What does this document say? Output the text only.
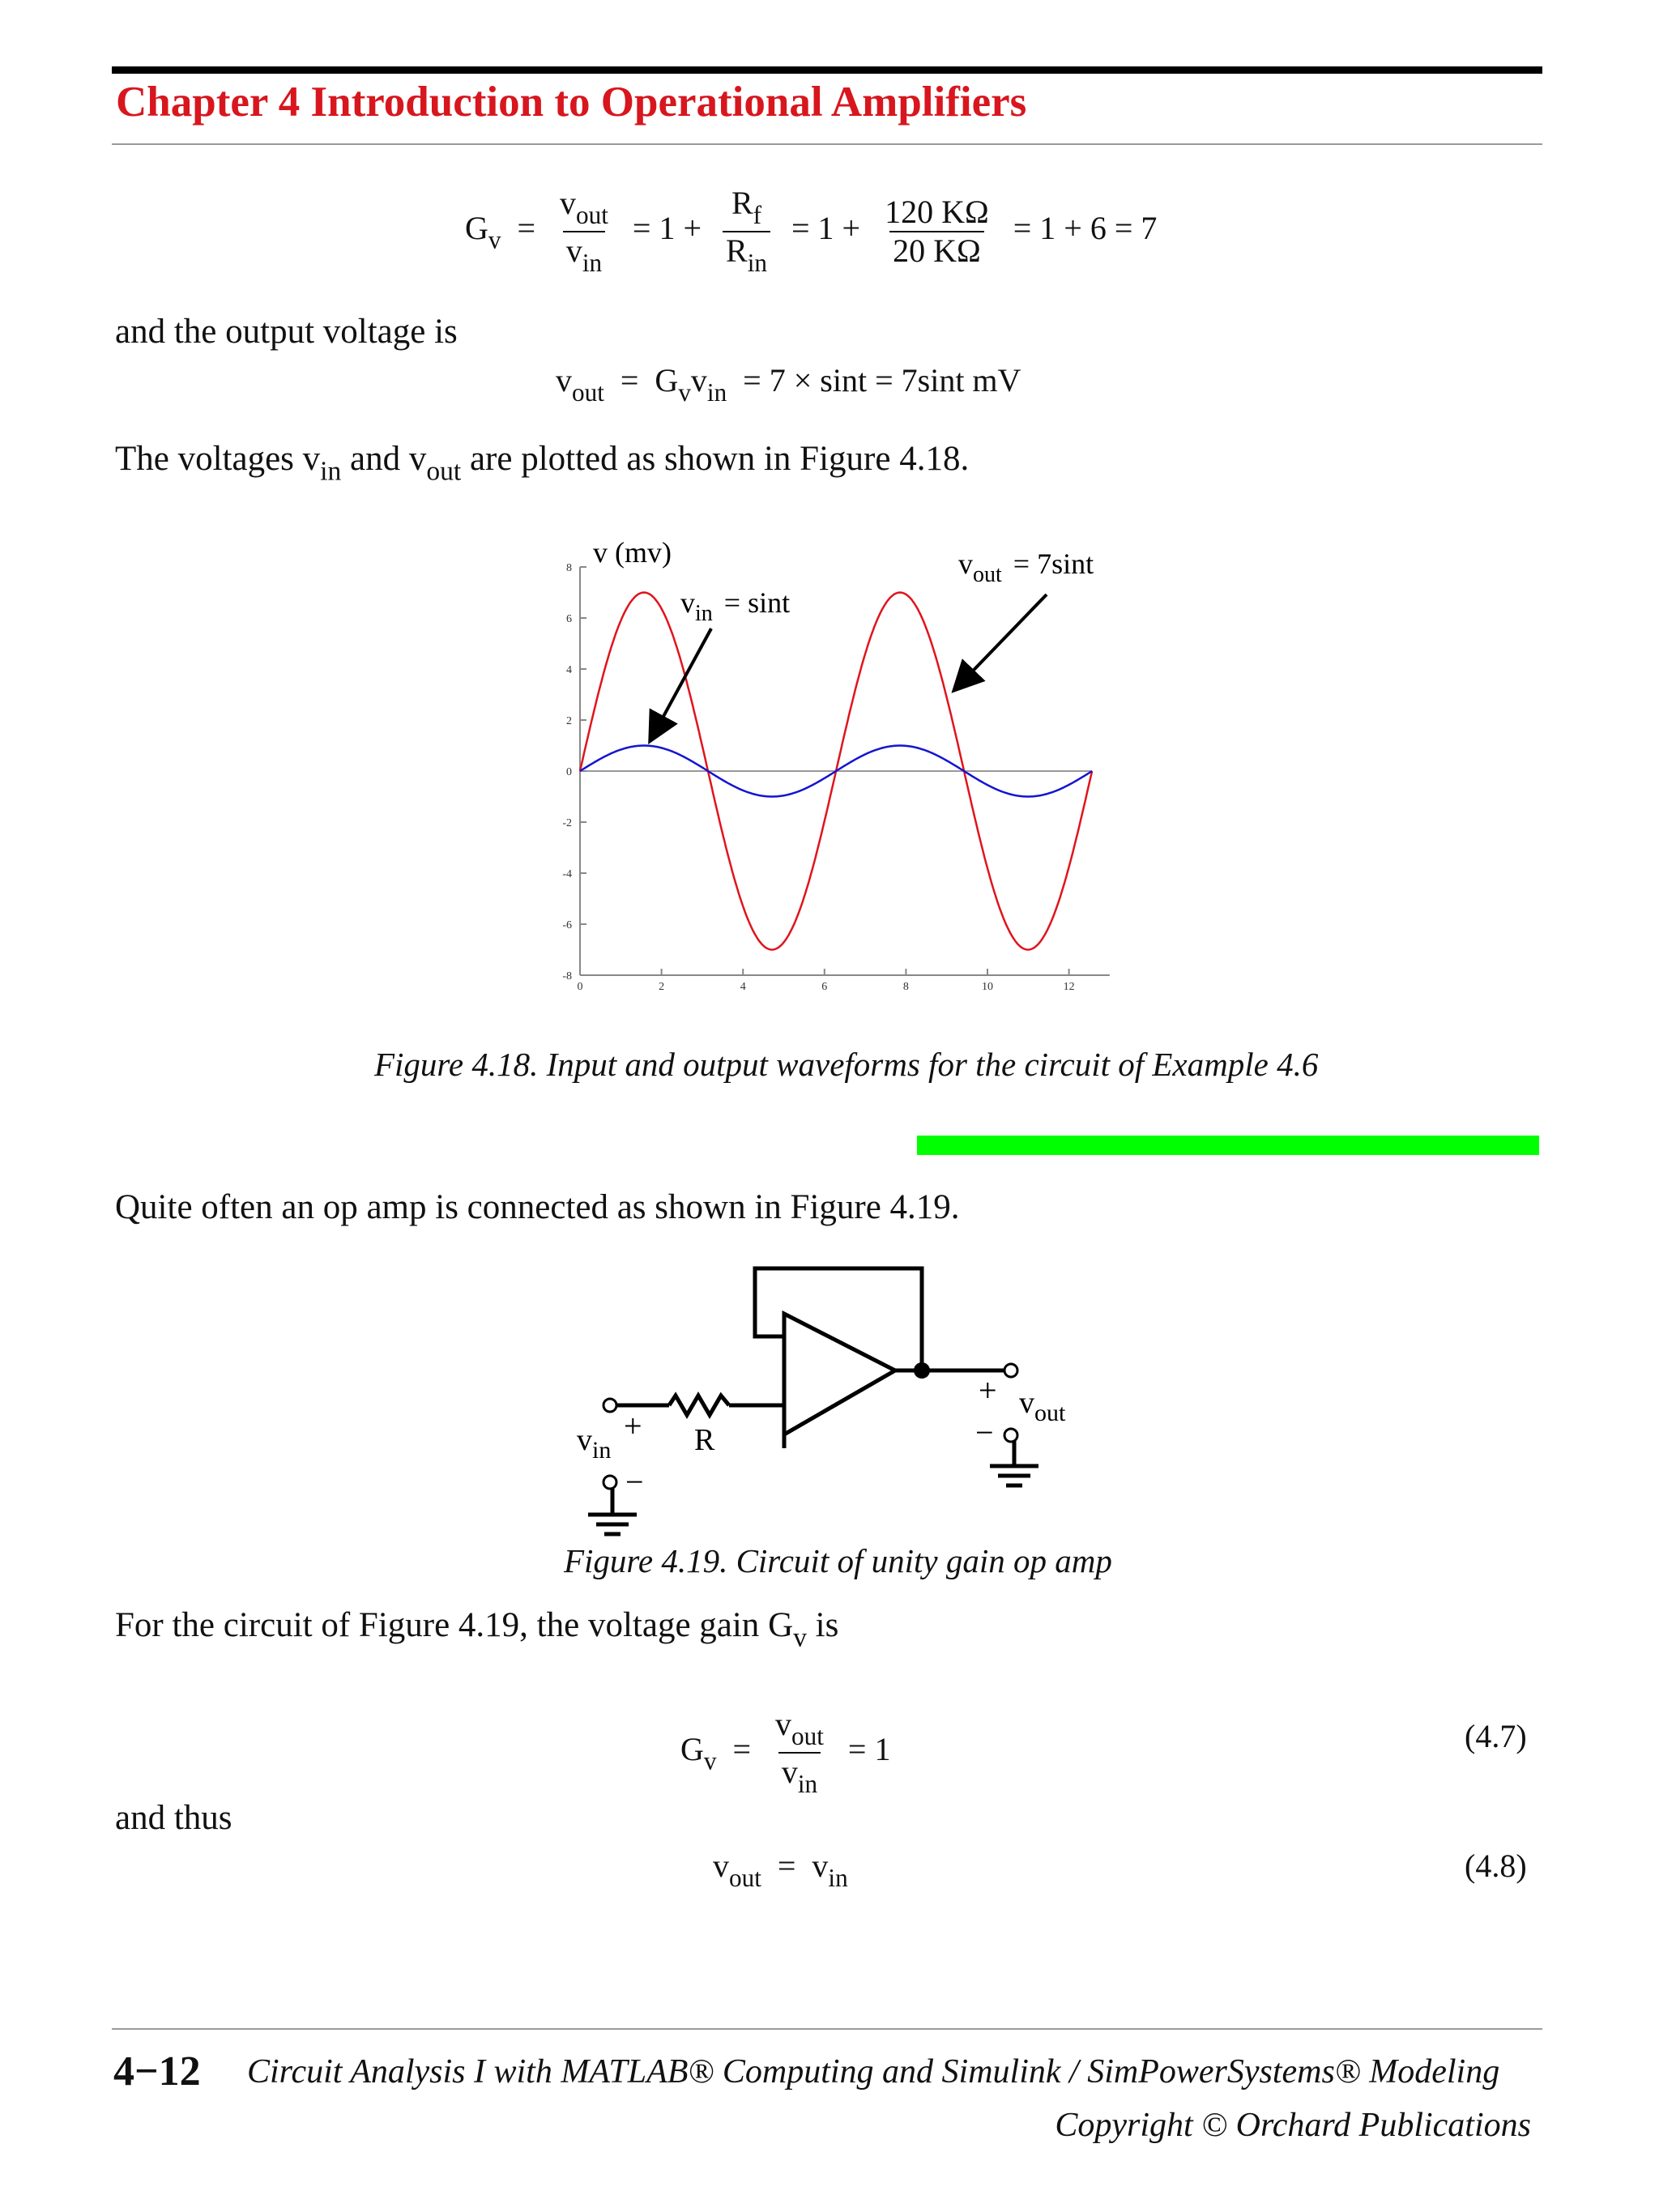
Chapter 4 Introduction to Operational Amplifiers
$G_v = \frac{v_{out}}{v_{in}} = 1 + \frac{R_f}{R_{in}} = 1 + \frac{120 K\Omega}{20 K\Omega} = 1 + 6 = 7$
and the output voltage is
$v_{out} = G_vv_{in} = 7 \times \sin t = 7\sin t$ mV
The voltages $v_{in}$ and $v_{out}$ are plotted as shown in Figure 4.18.
8
6
4
2
0
-2
-4
-6
-8
0	2	4	6	8	10	12
v (mv)	$v_{out} = 7\sin t$
$v_{in} = \sin t$
Figure 4.18. Input and output waveforms for the circuit of Example 4.6
Quite often an op amp is connected as shown in Figure 4.19.
+
−
$v_{in}$	R
+
−
$v_{out}$
Figure 4.19. Circuit of unity gain op amp
For the circuit of Figure 4.19, the voltage gain $G_v$ is
$G_v = \frac{v_{out}}{v_{in}} = 1$	(4.7)
and thus
$v_{out} = v_{in}$	(4.8)
4−12 Circuit Analysis I with MATLAB® Computing and Simulink / SimPowerSystems® Modeling
Copyright © Orchard Publications
